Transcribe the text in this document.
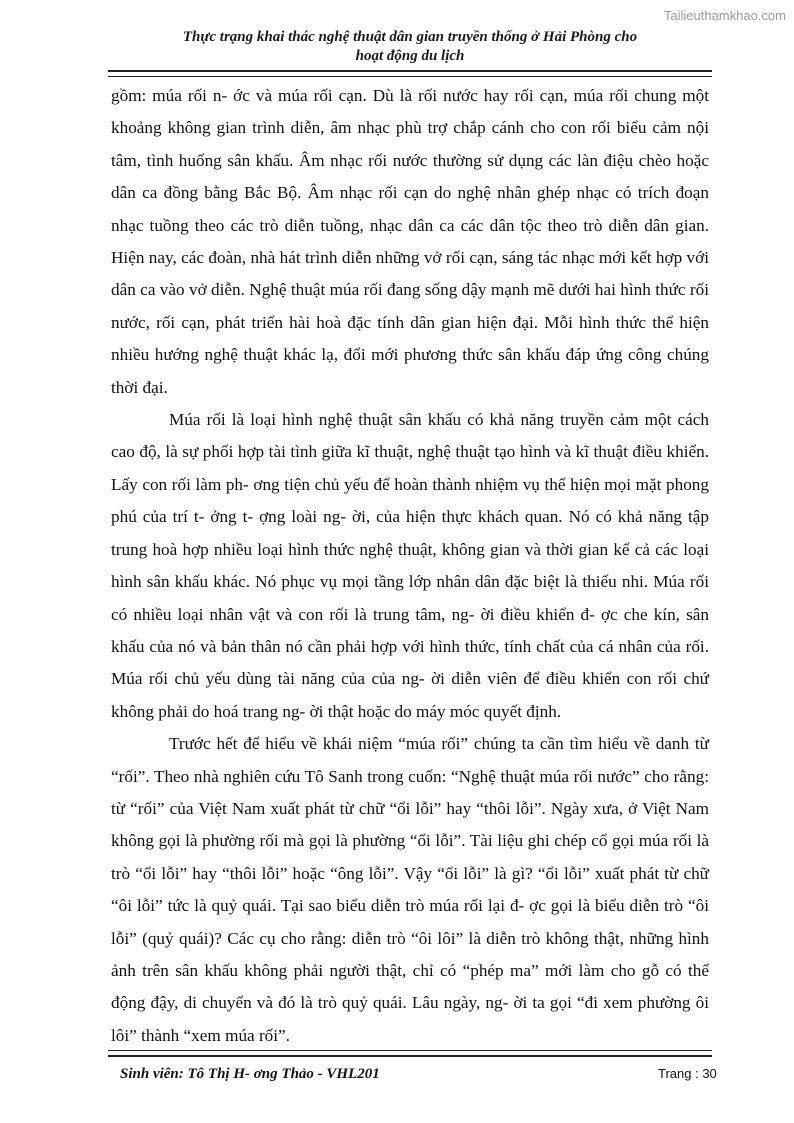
Tailieuthamkhao.com
Thực trạng khai thác nghệ thuật dân gian truyền thống ở Hải Phòng cho
hoạt động du lịch

gồm: múa rối n- ớc và múa rối cạn. Dù là rối nước hay rối cạn, múa rối chung một khoảng không gian trình diễn, âm nhạc phù trợ chắp cánh cho con rối biểu cảm nội tâm, tình huống sân khấu. Âm nhạc rối nước thường sử dụng các làn điệu chèo hoặc dân ca đồng bằng Bắc Bộ. Âm nhạc rối cạn do nghệ nhân ghép nhạc có trích đoạn nhạc tuồng theo các trò diễn tuồng, nhạc dân ca các dân tộc theo trò diễn dân gian. Hiện nay, các đoàn, nhà hát trình diễn những vở rối cạn, sáng tác nhạc mới kết hợp với dân ca vào vở diễn. Nghệ thuật múa rối đang sống dậy mạnh mẽ dưới hai hình thức rối nước, rối cạn, phát triển hài hoà đặc tính dân gian hiện đại. Mỗi hình thức thể hiện nhiều hướng nghệ thuật khác lạ, đổi mới phương thức sân khấu đáp ứng công chúng thời đại.

Múa rối là loại hình nghệ thuật sân khấu có khả năng truyền cảm một cách cao độ, là sự phối hợp tài tình giữa kĩ thuật, nghệ thuật tạo hình và kĩ thuật điều khiển. Lấy con rối làm ph- ơng tiện chủ yếu để hoàn thành nhiệm vụ thể hiện mọi mặt phong phú của trí t- ởng t- ợng loài ng- ời, của hiện thực khách quan. Nó có khả năng tập trung hoà hợp nhiều loại hình thức nghệ thuật, không gian và thời gian kể cả các loại hình sân khấu khác. Nó phục vụ mọi tầng lớp nhân dân đặc biệt là thiếu nhi. Múa rối có nhiều loại nhân vật và con rối là trung tâm, ng- ời điều khiển đ- ợc che kín, sân khấu của nó và bản thân nó cần phải hợp với hình thức, tính chất của cá nhân của rối. Múa rối chủ yếu dùng tài năng của của ng- ời diễn viên để điều khiển con rối chứ không phải do hoá trang ng- ời thật hoặc do máy móc quyết định.

Trước hết để hiểu về khái niệm “múa rối” chúng ta cần tìm hiểu về danh từ “rối”. Theo nhà nghiên cứu Tô Sanh trong cuốn: “Nghệ thuật múa rối nước” cho rằng: từ “rối” của Việt Nam xuất phát từ chữ “ổi lỗi” hay “thôi lỗi”. Ngày xưa, ở Việt Nam không gọi là phường rối mà gọi là phường “ổi lỗi”. Tài liệu ghi chép cổ gọi múa rối là trò “ổi lỗi” hay “thôi lỗi” hoặc “ông lỗi”. Vậy “ổi lỗi” là gì? “ổi lỗi” xuất phát từ chữ “ôi lỗi” tức là quỷ quái. Tại sao biểu diễn trò múa rối lại đ- ợc gọi là biểu diễn trò “ôi lỗi” (quỷ quái)? Các cụ cho rằng: diễn trò “ôi lôi” là diễn trò không thật, những hình ảnh trên sân khấu không phải người thật, chỉ có “phép ma” mới làm cho gỗ có thể động đậy, di chuyển và đó là trò quỷ quái. Lâu ngày, ng- ời ta gọi “đi xem phường ôi lôi” thành “xem múa rối”.

Sinh viên: Tô Thị H- ơng Thảo - VHL201	Trang : 30
